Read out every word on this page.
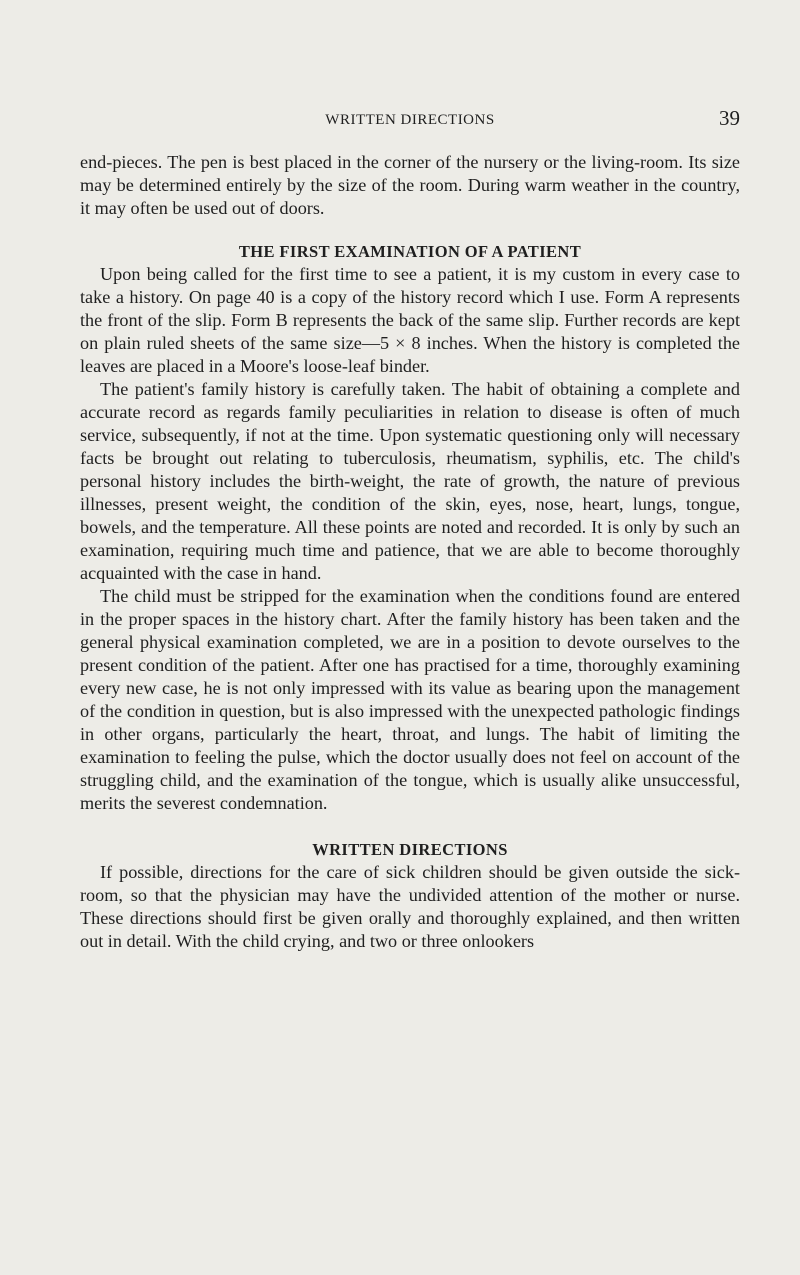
WRITTEN DIRECTIONS	39

end-pieces. The pen is best placed in the corner of the nursery or the living-room. Its size may be determined entirely by the size of the room. During warm weather in the country, it may often be used out of doors.

THE FIRST EXAMINATION OF A PATIENT

Upon being called for the first time to see a patient, it is my custom in every case to take a history. On page 40 is a copy of the history record which I use. Form A represents the front of the slip. Form B represents the back of the same slip. Further records are kept on plain ruled sheets of the same size—5 × 8 inches. When the history is completed the leaves are placed in a Moore's loose-leaf binder.

The patient's family history is carefully taken. The habit of obtaining a complete and accurate record as regards family peculiarities in relation to disease is often of much service, subsequently, if not at the time. Upon systematic questioning only will necessary facts be brought out relating to tuberculosis, rheumatism, syphilis, etc. The child's personal history includes the birth-weight, the rate of growth, the nature of previous illnesses, present weight, the condition of the skin, eyes, nose, heart, lungs, tongue, bowels, and the temperature. All these points are noted and recorded. It is only by such an examination, requiring much time and patience, that we are able to become thoroughly acquainted with the case in hand.

The child must be stripped for the examination when the conditions found are entered in the proper spaces in the history chart. After the family history has been taken and the general physical examination completed, we are in a position to devote ourselves to the present condition of the patient. After one has practised for a time, thoroughly examining every new case, he is not only impressed with its value as bearing upon the management of the condition in question, but is also impressed with the unexpected pathologic findings in other organs, particularly the heart, throat, and lungs. The habit of limiting the examination to feeling the pulse, which the doctor usually does not feel on account of the struggling child, and the examination of the tongue, which is usually alike unsuccessful, merits the severest condemnation.

WRITTEN DIRECTIONS

If possible, directions for the care of sick children should be given outside the sick-room, so that the physician may have the undivided attention of the mother or nurse. These directions should first be given orally and thoroughly explained, and then written out in detail. With the child crying, and two or three onlookers
